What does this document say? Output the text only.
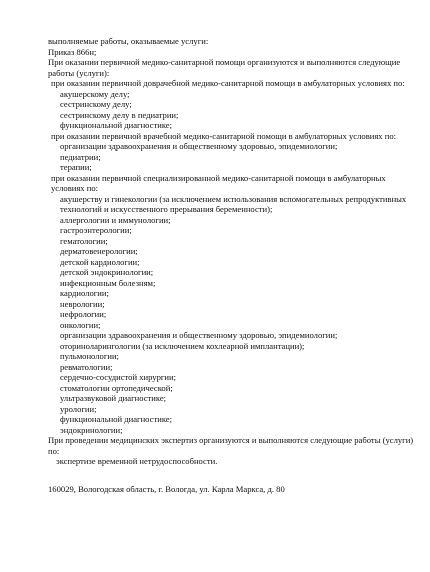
выполняемые работы, оказываемые услуги:
Приказ 866н;
При оказании первичной медико-санитарной помощи организуются и выполняются следующие работы (услуги):
при оказании первичной доврачебной медико-санитарной помощи в амбулаторных условиях по:
акушерскому делу;
сестринскому делу;
сестринскому делу в педиатрии;
функциональной диагностике;
при оказании первичной врачебной медико-санитарной помощи в амбулаторных условиях по:
организации здравоохранения и общественному здоровью, эпидемиологии;
педиатрии;
терапии;
при оказании первичной специализированной медико-санитарной помощи в амбулаторных условиях по:
акушерству и гинекологии (за исключением использования вспомогательных репродуктивных технологий и искусственного прерывания беременности);
аллергологии и иммунологии;
гастроэнтерологии;
гематологии;
дерматовенерологии;
детской кардиологии;
детской эндокринологии;
инфекционным болезням;
кардиологии;
неврологии;
нефрологии;
онкологии;
организации здравоохранения и общественному здоровью, эпидемиологии;
оториноларингологии (за исключением кохлеарной имплантации);
пульмонологии;
ревматологии;
сердечно-сосудистой хирургии;
стоматологии ортопедической;
ультразвуковой диагностике;
урологии;
функциональной диагностике;
эндокринологии;
При проведении медицинских экспертиз организуются и выполняются следующие работы (услуги) по:
экспертизе временной нетрудоспособности.
160029, Вологодская область, г. Вологда, ул. Карла Маркса, д. 80
